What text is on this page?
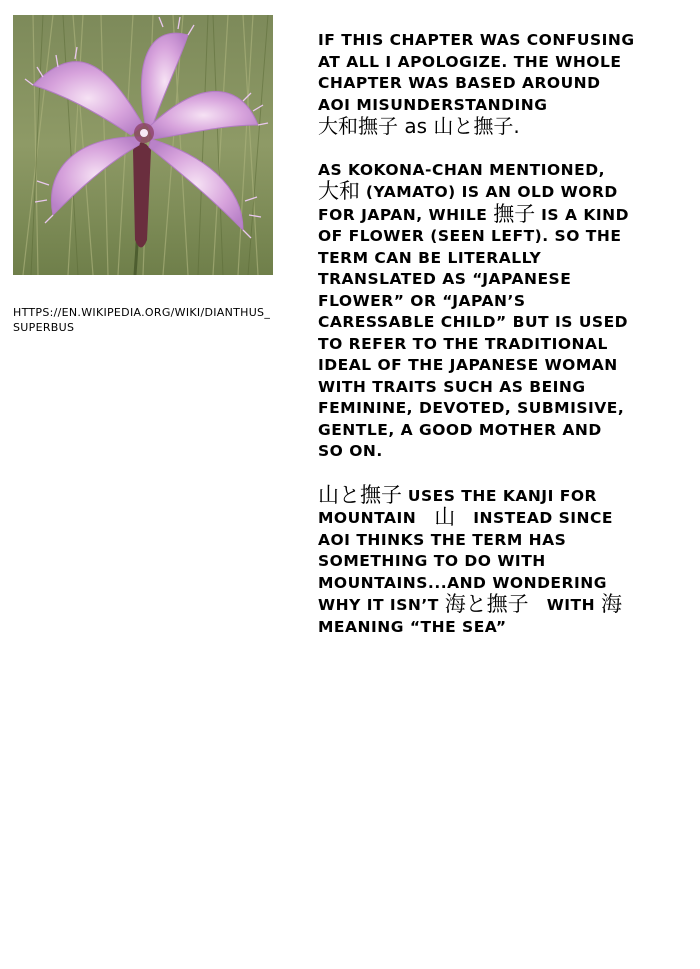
HTTPS://EN.WIKIPEDIA.ORG/WIKI/DIANTHUS_SUPERBUS
IF THIS CHAPTER WAS CONFUSING
AT ALL I APOLOGIZE. THE WHOLE
CHAPTER WAS BASED AROUND
AOI MISUNDERSTANDING
大和撫子 as 山と撫子.
AS KOKONA-CHAN MENTIONED,
大和 (YAMATO) IS AN OLD WORD
FOR JAPAN, WHILE 撫子 IS A KIND
OF FLOWER (SEEN LEFT). SO THE
TERM CAN BE LITERALLY
TRANSLATED AS “JAPANESE
FLOWER” OR “JAPAN’S
CARESSABLE CHILD” BUT IS USED
TO REFER TO THE TRADITIONAL
IDEAL OF THE JAPANESE WOMAN
WITH TRAITS SUCH AS BEING
FEMININE, DEVOTED, SUBMISIVE,
GENTLE, A GOOD MOTHER AND
SO ON.
山と撫子 USES THE KANJI FOR
MOUNTAIN 山 INSTEAD SINCE
AOI THINKS THE TERM HAS
SOMETHING TO DO WITH
MOUNTAINS...AND WONDERING
WHY IT ISN’T 海と撫子 WITH 海
MEANING “THE SEA”
